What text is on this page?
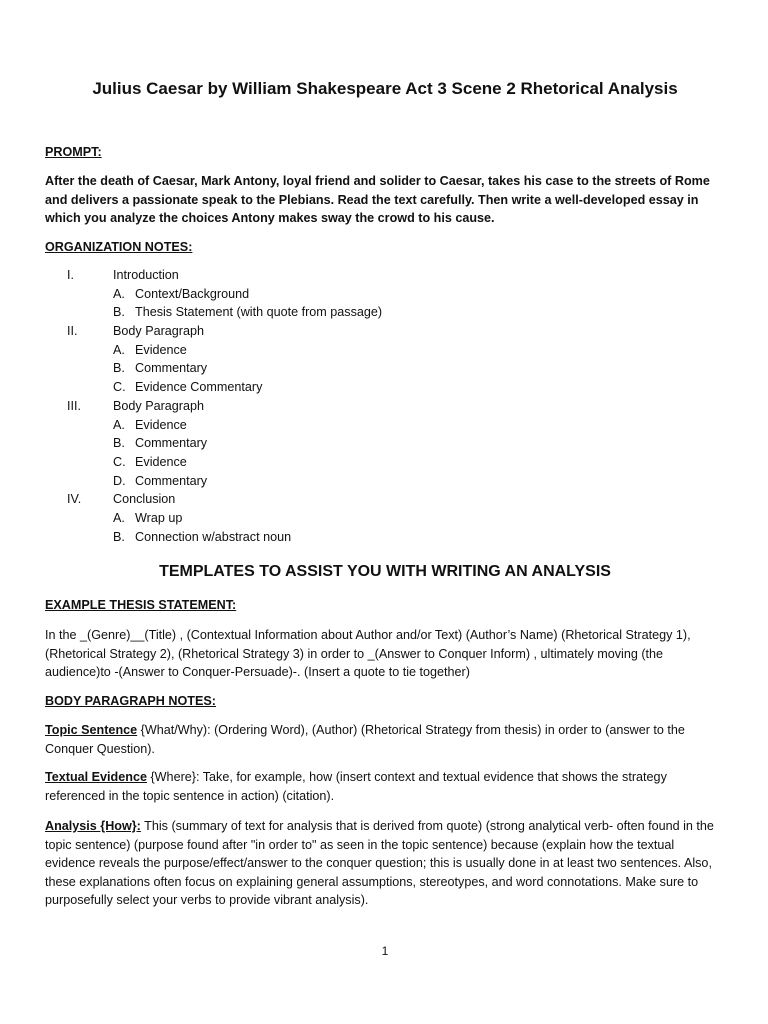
Julius Caesar by William Shakespeare Act 3 Scene 2 Rhetorical Analysis
PROMPT:
After the death of Caesar, Mark Antony, loyal friend and solider to Caesar, takes his case to the streets of Rome and delivers a passionate speak to the Plebians. Read the text carefully. Then write a well-developed essay in which you analyze the choices Antony makes sway the crowd to his cause.
ORGANIZATION NOTES:
I.	Introduction
A. Context/Background
B. Thesis Statement (with quote from passage)
II.	Body Paragraph
A. Evidence
B. Commentary
C. Evidence Commentary
III.	Body Paragraph
A. Evidence
B. Commentary
C. Evidence
D. Commentary
IV.	Conclusion
A. Wrap up
B. Connection w/abstract noun
TEMPLATES TO ASSIST YOU WITH WRITING AN ANALYSIS
EXAMPLE THESIS STATEMENT:
In the _(Genre)__(Title) , (Contextual Information about Author and/or Text) (Author’s Name) (Rhetorical Strategy 1), (Rhetorical Strategy 2), (Rhetorical Strategy 3) in order to _(Answer to Conquer Inform) , ultimately moving (the audience)to -(Answer to Conquer-Persuade)-. (Insert a quote to tie together)
BODY PARAGRAPH NOTES:
Topic Sentence {What/Why): (Ordering Word), (Author) (Rhetorical Strategy from thesis) in order to (answer to the Conquer Question).
Textual Evidence {Where}: Take, for example, how (insert context and textual evidence that shows the strategy referenced in the topic sentence in action) (citation).
Analysis {How}: This (summary of text for analysis that is derived from quote) (strong analytical verb- often found in the topic sentence) (purpose found after "in order to" as seen in the topic sentence) because (explain how the textual evidence reveals the purpose/effect/answer to the conquer question; this is usually done in at least two sentences. Also, these explanations often focus on explaining general assumptions, stereotypes, and word connotations. Make sure to purposefully select your verbs to provide vibrant analysis).
1
